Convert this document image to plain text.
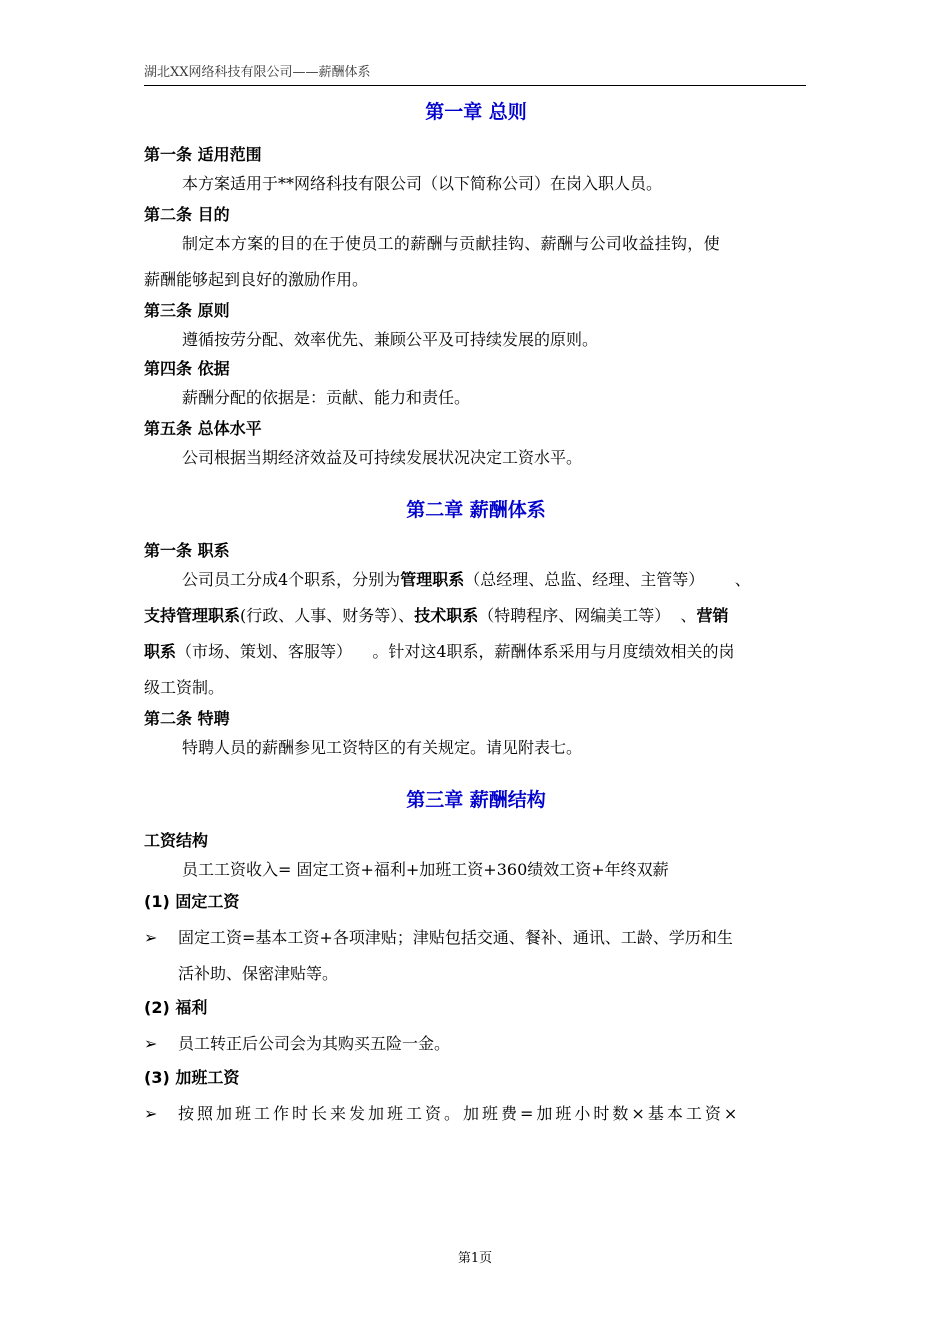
湖北XX网络科技有限公司——薪酬体系
第一章 总则
第一条 适用范围
本方案适用于**网络科技有限公司（以下简称公司）在岗入职人员。
第二条 目的
制定本方案的目的在于使员工的薪酬与贡献挂钩、薪酬与公司收益挂钩，使
薪酬能够起到良好的激励作用。
第三条 原则
遵循按劳分配、效率优先、兼顾公平及可持续发展的原则。
第四条 依据
薪酬分配的依据是：贡献、能力和责任。
第五条 总体水平
公司根据当期经济效益及可持续发展状况决定工资水平。
第二章 薪酬体系
第一条 职系
公司员工分成4个职系，分别为管理职系（总经理、总监、经理、主管等）      、
支持管理职系(行政、人事、财务等）、技术职系（特聘程序、网编美工等）  、营销
职系（市场、策划、客服等）    。针对这4职系，薪酬体系采用与月度绩效相关的岗
级工资制。
第二条 特聘
特聘人员的薪酬参见工资特区的有关规定。请见附表七。
第三章 薪酬结构
工资结构
员工工资收入= 固定工资+福利+加班工资+360绩效工资+年终双薪
(1) 固定工资
➢ 固定工资=基本工资+各项津贴；津贴包括交通、餐补、通讯、工龄、学历和生
活补助、保密津贴等。
(2) 福利
➢ 员工转正后公司会为其购买五险一金。
(3) 加班工资
➢ 按照加班工作时长来发加班工资。加班费=加班小时数×基本工资×
第1页
